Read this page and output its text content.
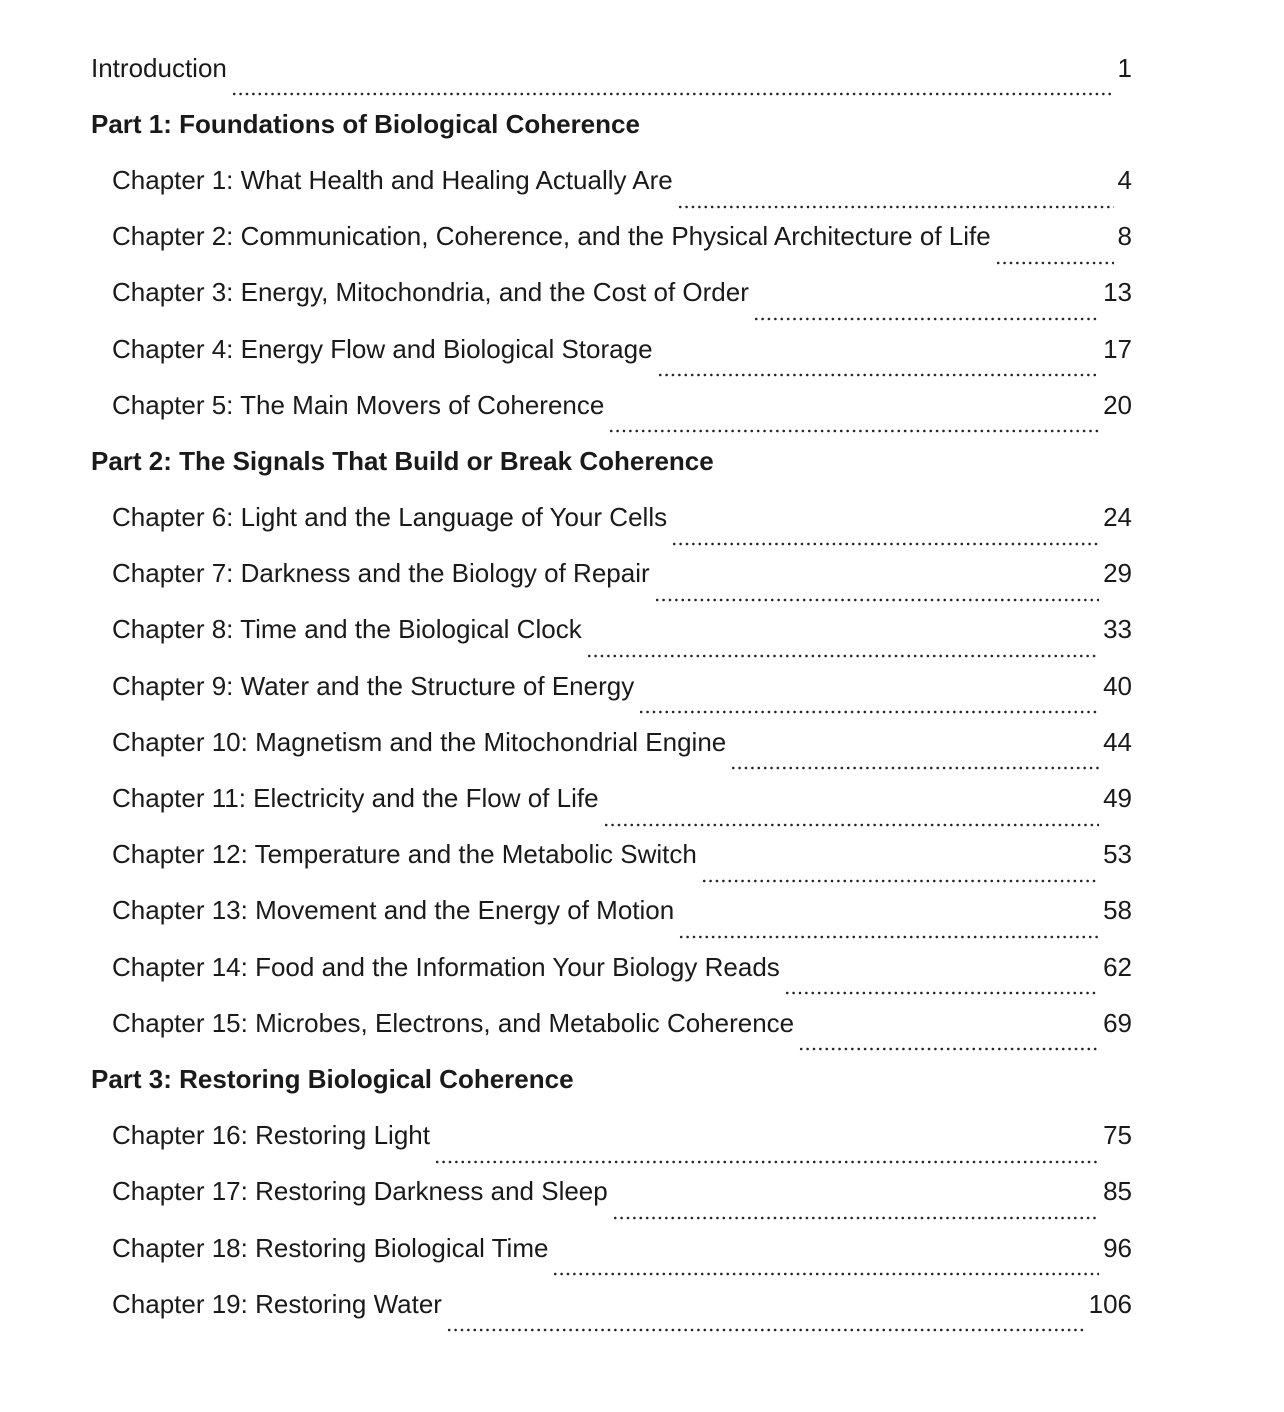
Introduction	1
Part 1: Foundations of Biological Coherence
Chapter 1: What Health and Healing Actually Are	4
Chapter 2: Communication, Coherence, and the Physical Architecture of Life	8
Chapter 3: Energy, Mitochondria, and the Cost of Order	13
Chapter 4: Energy Flow and Biological Storage	17
Chapter 5: The Main Movers of Coherence	20
Part 2: The Signals That Build or Break Coherence
Chapter 6: Light and the Language of Your Cells	24
Chapter 7: Darkness and the Biology of Repair	29
Chapter 8: Time and the Biological Clock	33
Chapter 9: Water and the Structure of Energy	40
Chapter 10: Magnetism and the Mitochondrial Engine	44
Chapter 11: Electricity and the Flow of Life	49
Chapter 12: Temperature and the Metabolic Switch	53
Chapter 13: Movement and the Energy of Motion	58
Chapter 14: Food and the Information Your Biology Reads	62
Chapter 15: Microbes, Electrons, and Metabolic Coherence	69
Part 3: Restoring Biological Coherence
Chapter 16: Restoring Light	75
Chapter 17: Restoring Darkness and Sleep	85
Chapter 18: Restoring Biological Time	96
Chapter 19: Restoring Water	106
